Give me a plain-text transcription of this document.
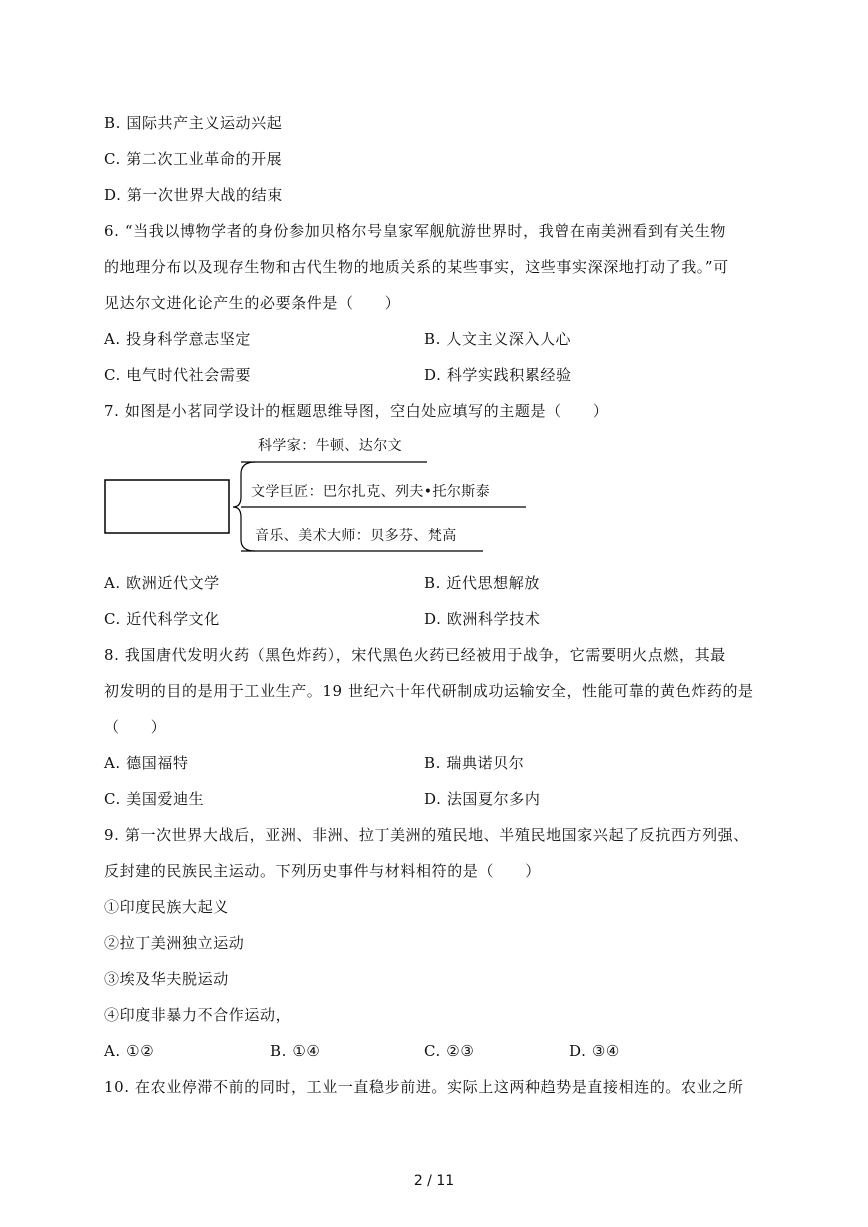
B. 国际共产主义运动兴起
C. 第二次工业革命的开展
D. 第一次世界大战的结束
6. “当我以博物学者的身份参加贝格尔号皇家军舰航游世界时，我曾在南美洲看到有关生物
的地理分布以及现存生物和古代生物的地质关系的某些事实，这些事实深深地打动了我。”可
见达尔文进化论产生的必要条件是（　　）
A. 投身科学意志坚定	B. 人文主义深入人心
C. 电气时代社会需要	D. 科学实践积累经验
7. 如图是小茗同学设计的框题思维导图，空白处应填写的主题是（　　）
科学家：牛顿、达尔文
文学巨匠：巴尔扎克、列夫•托尔斯泰
音乐、美术大师：贝多芬、梵高
A. 欧洲近代文学	B. 近代思想解放
C. 近代科学文化	D. 欧洲科学技术
8. 我国唐代发明火药（黑色炸药），宋代黑色火药已经被用于战争，它需要明火点燃，其最
初发明的目的是用于工业生产。19 世纪六十年代研制成功运输安全，性能可靠的黄色炸药的是
（　　）
A. 德国福特	B. 瑞典诺贝尔
C. 美国爱迪生	D. 法国夏尔多内
9. 第一次世界大战后，亚洲、非洲、拉丁美洲的殖民地、半殖民地国家兴起了反抗西方列强、
反封建的民族民主运动。下列历史事件与材料相符的是（　　）
①印度民族大起义
②拉丁美洲独立运动
③埃及华夫脱运动
④印度非暴力不合作运动，
A. ①②	B. ①④	C. ②③	D. ③④
10. 在农业停滞不前的同时，工业一直稳步前进。实际上这两种趋势是直接相连的。农业之所
2 / 11
